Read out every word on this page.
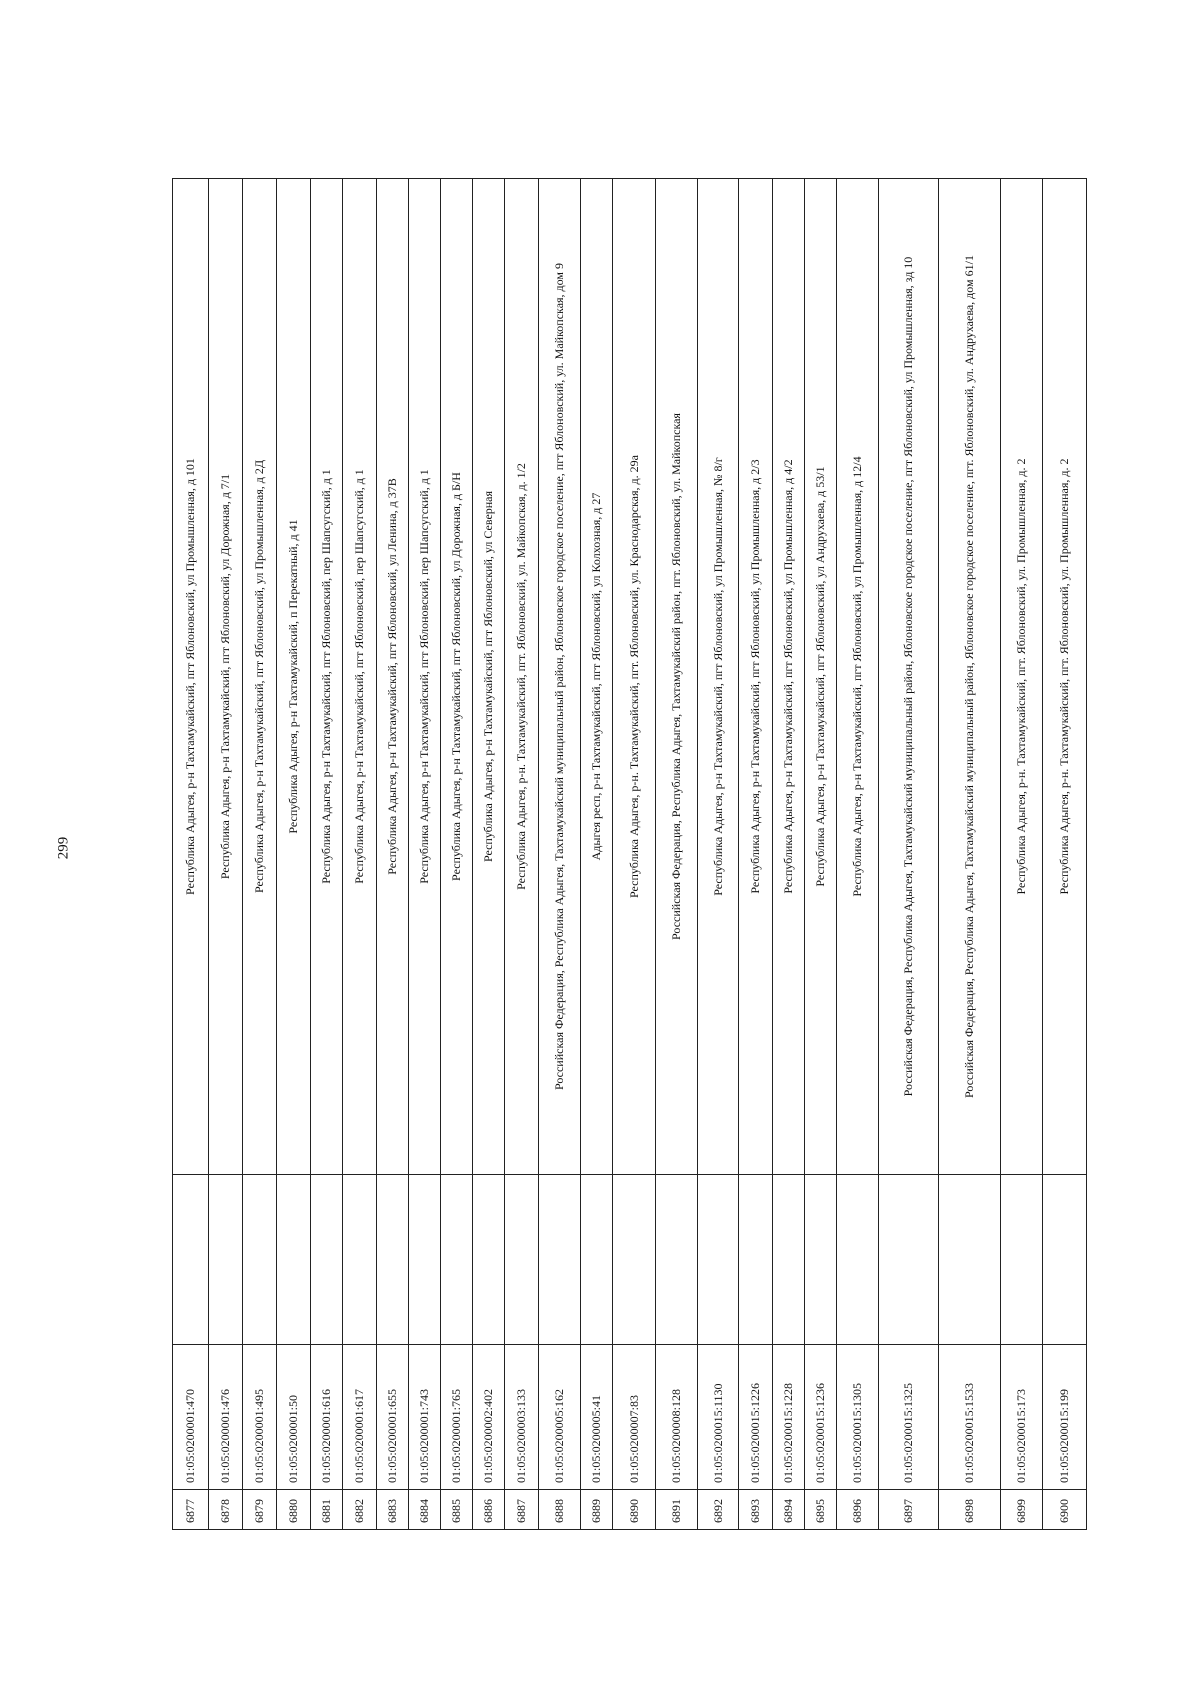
299
6877	01:05:0200001:470		Республика Адыгея, р-н Тахтамукайский, пгт Яблоновский, ул Промышленная, д 101
6878	01:05:0200001:476		Республика Адыгея, р-н Тахтамукайский, пгт Яблоновский, ул Дорожная, д 7/1
6879	01:05:0200001:495		Республика Адыгея, р-н Тахтамукайский, пгт Яблоновский, ул Промышленная, д 2Д
6880	01:05:0200001:50		Республика Адыгея, р-н Тахтамукайский, п Перекатный, д 41
6881	01:05:0200001:616		Республика Адыгея, р-н Тахтамукайский, пгт Яблоновский, пер Шапсугский, д 1
6882	01:05:0200001:617		Республика Адыгея, р-н Тахтамукайский, пгт Яблоновский, пер Шапсугский, д 1
6883	01:05:0200001:655		Республика Адыгея, р-н Тахтамукайский, пгт Яблоновский, ул Ленина, д 37В
6884	01:05:0200001:743		Республика Адыгея, р-н Тахтамукайский, пгт Яблоновский, пер Шапсугский, д 1
6885	01:05:0200001:765		Республика Адыгея, р-н Тахтамукайский, пгт Яблоновский, ул Дорожная, д Б/Н
6886	01:05:0200002:402		Республика Адыгея, р-н Тахтамукайский, пгт Яблоновский, ул Северная
6887	01:05:0200003:133		Республика Адыгея, р-н. Тахтамукайский, пгт. Яблоновский, ул. Майкопская, д. 1/2
6888	01:05:0200005:162		Российская Федерация, Республика Адыгея, Тахтамукайский муниципальный район, Яблоновское городское поселение, пгт Яблоновский, ул. Майкопская, дом 9
6889	01:05:0200005:41		Адыгея респ, р-н Тахтамукайский, пгт Яблоновский, ул Колхозная, д 27
6890	01:05:0200007:83		Республика Адыгея, р-н. Тахтамукайский, пгт. Яблоновский, ул. Краснодарская, д. 29а
6891	01:05:0200008:128		Российская Федерация, Республика Адыгея, Тахтамукайский район, пгт. Яблоновский, ул. Майкопская
6892	01:05:0200015:1130		Республика Адыгея, р-н Тахтамукайский, пгт Яблоновский, ул Промышленная, № 8/г
6893	01:05:0200015:1226		Республика Адыгея, р-н Тахтамукайский, пгт Яблоновский, ул Промышленная, д 2/3
6894	01:05:0200015:1228		Республика Адыгея, р-н Тахтамукайский, пгт Яблоновский, ул Промышленная, д 4/2
6895	01:05:0200015:1236		Республика Адыгея, р-н Тахтамукайский, пгт Яблоновский, ул Андрухаева, д 53/1
6896	01:05:0200015:1305		Республика Адыгея, р-н Тахтамукайский, пгт Яблоновский, ул Промышленная, д 12/4
6897	01:05:0200015:1325		Российская Федерация, Республика Адыгея, Тахтамукайский муниципальный район, Яблоновское городское поселение, пгт Яблоновский, ул Промышленная, зд 10
6898	01:05:0200015:1533		Российская Федерация, Республика Адыгея, Тахтамукайский муниципальный район, Яблоновское городское поселение, пгт. Яблоновский, ул. Андрухаева, дом 61/1
6899	01:05:0200015:173		Республика Адыгея, р-н. Тахтамукайский, пгт. Яблоновский, ул. Промышленная, д. 2
6900	01:05:0200015:199		Республика Адыгея, р-н. Тахтамукайский, пгт. Яблоновский, ул. Промышленная, д. 2
